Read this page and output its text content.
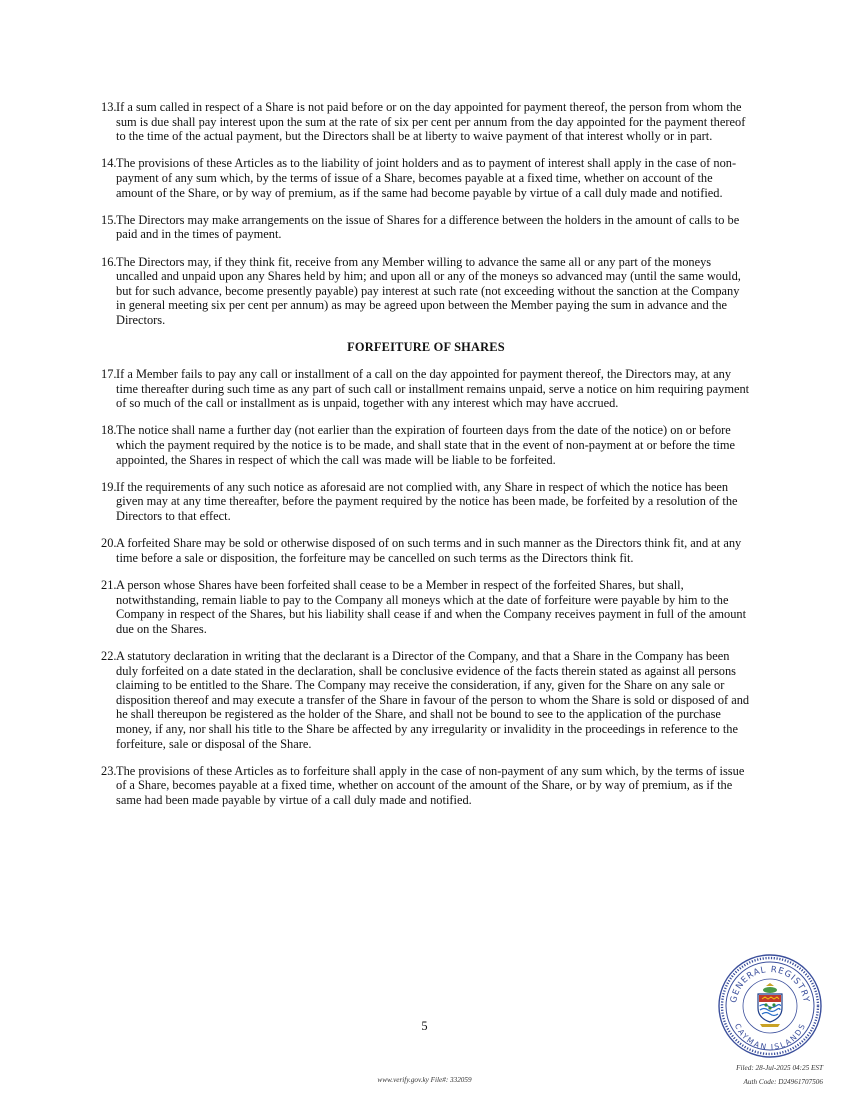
13. If a sum called in respect of a Share is not paid before or on the day appointed for payment thereof, the person from whom the sum is due shall pay interest upon the sum at the rate of six per cent per annum from the day appointed for the payment thereof to the time of the actual payment, but the Directors shall be at liberty to waive payment of that interest wholly or in part.
14. The provisions of these Articles as to the liability of joint holders and as to payment of interest shall apply in the case of non-payment of any sum which, by the terms of issue of a Share, becomes payable at a fixed time, whether on account of the amount of the Share, or by way of premium, as if the same had become payable by virtue of a call duly made and notified.
15. The Directors may make arrangements on the issue of Shares for a difference between the holders in the amount of calls to be paid and in the times of payment.
16. The Directors may, if they think fit, receive from any Member willing to advance the same all or any part of the moneys uncalled and unpaid upon any Shares held by him; and upon all or any of the moneys so advanced may (until the same would, but for such advance, become presently payable) pay interest at such rate (not exceeding without the sanction at the Company in general meeting six per cent per annum) as may be agreed upon between the Member paying the sum in advance and the Directors.
FORFEITURE OF SHARES
17. If a Member fails to pay any call or installment of a call on the day appointed for payment thereof, the Directors may, at any time thereafter during such time as any part of such call or installment remains unpaid, serve a notice on him requiring payment of so much of the call or installment as is unpaid, together with any interest which may have accrued.
18. The notice shall name a further day (not earlier than the expiration of fourteen days from the date of the notice) on or before which the payment required by the notice is to be made, and shall state that in the event of non-payment at or before the time appointed, the Shares in respect of which the call was made will be liable to be forfeited.
19. If the requirements of any such notice as aforesaid are not complied with, any Share in respect of which the notice has been given may at any time thereafter, before the payment required by the notice has been made, be forfeited by a resolution of the Directors to that effect.
20. A forfeited Share may be sold or otherwise disposed of on such terms and in such manner as the Directors think fit, and at any time before a sale or disposition, the forfeiture may be cancelled on such terms as the Directors think fit.
21. A person whose Shares have been forfeited shall cease to be a Member in respect of the forfeited Shares, but shall, notwithstanding, remain liable to pay to the Company all moneys which at the date of forfeiture were payable by him to the Company in respect of the Shares, but his liability shall cease if and when the Company receives payment in full of the amount due on the Shares.
22. A statutory declaration in writing that the declarant is a Director of the Company, and that a Share in the Company has been duly forfeited on a date stated in the declaration, shall be conclusive evidence of the facts therein stated as against all persons claiming to be entitled to the Share. The Company may receive the consideration, if any, given for the Share on any sale or disposition thereof and may execute a transfer of the Share in favour of the person to whom the Share is sold or disposed of and he shall thereupon be registered as the holder of the Share, and shall not be bound to see to the application of the purchase money, if any, nor shall his title to the Share be affected by any irregularity or invalidity in the proceedings in reference to the forfeiture, sale or disposal of the Share.
23. The provisions of these Articles as to forfeiture shall apply in the case of non-payment of any sum which, by the terms of issue of a Share, becomes payable at a fixed time, whether on account of the amount of the Share, or by way of premium, as if the same had been made payable by virtue of a call duly made and notified.
5
www.verify.gov.ky File#: 332059
Filed: 28-Jul-2025 04:25 EST
Auth Code: D24961707506
GENERAL REGISTRY
CAYMAN ISLANDS
